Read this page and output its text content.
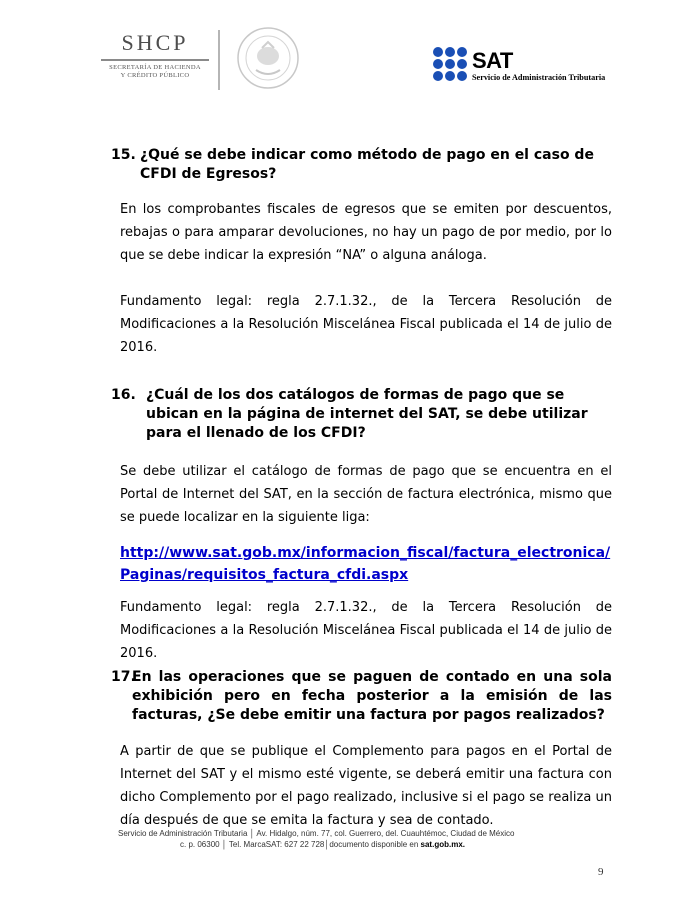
SHCP
SECRETARÍA DE HACIENDA
Y CRÉDITO PÚBLICO
SAT
Servicio de Administración Tributaria
15. ¿Qué se debe indicar como método de pago en el caso de CFDI de Egresos?
En los comprobantes fiscales de egresos que se emiten por descuentos, rebajas o para amparar devoluciones, no hay un pago de por medio, por lo que se debe indicar la expresión “NA” o alguna análoga.
Fundamento legal: regla 2.7.1.32., de la Tercera Resolución de Modificaciones a la Resolución Miscelánea Fiscal publicada el 14 de julio de 2016.
16. ¿Cuál de los dos catálogos de formas de pago que se ubican en la página de internet del SAT, se debe utilizar para el llenado de los CFDI?
Se debe utilizar el catálogo de formas de pago que se encuentra en el Portal de Internet del SAT, en la sección de factura electrónica, mismo que se puede localizar en la siguiente liga:
http://www.sat.gob.mx/informacion_fiscal/factura_electronica/
Paginas/requisitos_factura_cfdi.aspx
Fundamento legal: regla 2.7.1.32., de la Tercera Resolución de Modificaciones a la Resolución Miscelánea Fiscal publicada el 14 de julio de 2016.
17.
En las operaciones que se paguen de contado en una sola exhibición pero en fecha posterior a la emisión de las facturas, ¿Se debe emitir una factura por pagos realizados?
A partir de que se publique el Complemento para pagos en el Portal de Internet del SAT y el mismo esté vigente, se deberá emitir una factura con dicho Complemento por el pago realizado, inclusive si el pago se realiza un día después de que se emita la factura y sea de contado.
Servicio de Administración Tributaria │ Av. Hidalgo, núm. 77, col. Guerrero, del. Cuauhtémoc, Ciudad de México
c. p. 06300 │ Tel. MarcaSAT: 627 22 728│documento disponible en sat.gob.mx.
9
